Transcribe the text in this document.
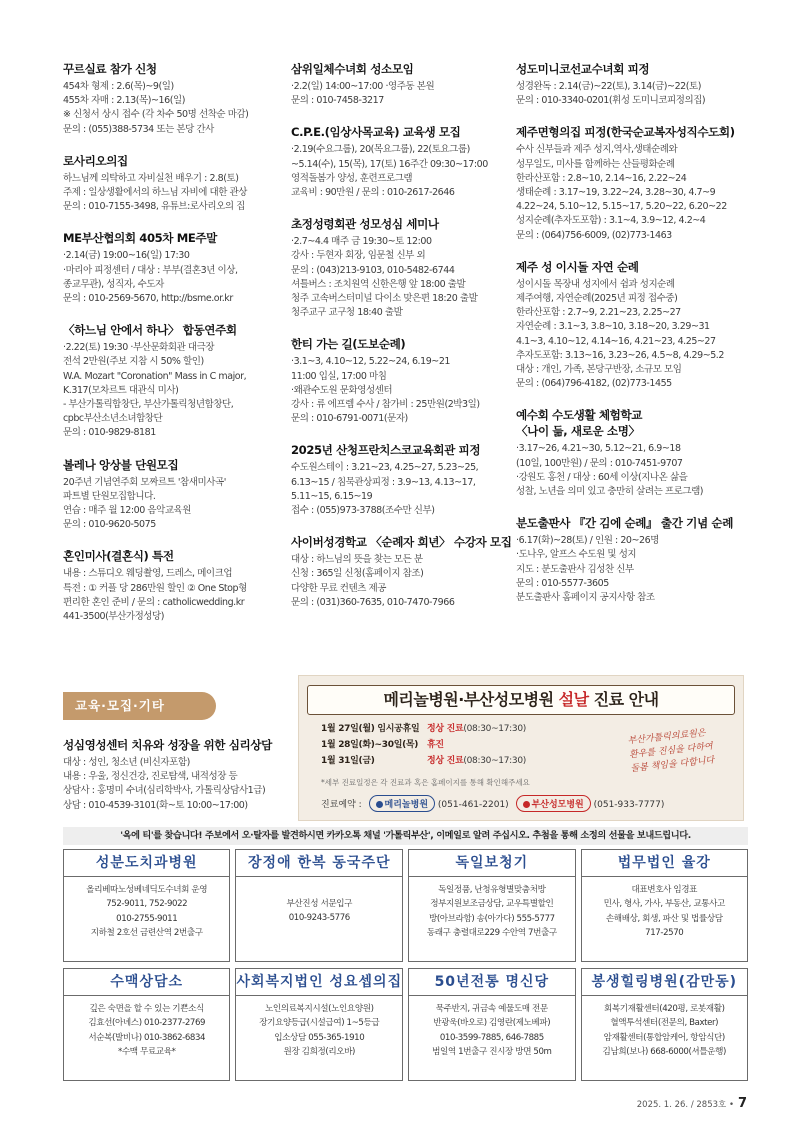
꾸르실료 참가 신청
454차 형제 : 2.6(목)~9(일)
455차 자매 : 2.13(목)~16(일)
※ 신청서 상시 접수 (각 차수 50명 선착순 마감)
문의 : (055)388-5734 또는 본당 간사
로사리오의집
하느님께 의탁하고 자비실천 배우기 : 2.8(토)
주제 : 일상생활에서의 하느님 자비에 대한 관상
문의 : 010-7155-3498, 유튜브:로사리오의 집
ME부산협의회 405차 ME주말
·2.14(금) 19:00~16(일) 17:30
·마리아 피정센터 / 대상 : 부부(결혼3년 이상,
종교무관), 성직자, 수도자
문의 : 010-2569-5670, http://bsme.or.kr
〈하느님 안에서 하나〉 합동연주회
·2.22(토) 19:30 ·부산문화회관 대극장
전석 2만원(주보 지참 시 50% 할인)
W.A. Mozart "Coronation" Mass in C major,
K.317(모차르트 대관식 미사)
- 부산가톨릭합창단, 부산가톨릭청년합창단,
cpbc부산소년소녀합창단
문의 : 010-9829-8181
볼레나 앙상블 단원모집
20주년 기념연주회 모짜르트 '참새미사곡'
파트별 단원모집합니다.
연습 : 매주 월 12:00 음악교육원
문의 : 010-9620-5075
혼인미사(결혼식) 특전
내용 : 스튜디오 웨딩촬영, 드레스, 메이크업
특전 : ① 커플 당 286만원 할인 ② One Stop형
편리한 혼인 준비 / 문의 : catholicwedding.kr
441-3500(부산가정성당)
삼위일체수녀회 성소모임
·2.2(일) 14:00~17:00 ·영주동 본원
문의 : 010-7458-3217
C.P.E.(임상사목교육) 교육생 모집
·2.19(수요그룹), 20(목요그룹), 22(토요그룹)
~5.14(수), 15(목), 17(토) 16주간 09:30~17:00
영적돌봄가 양성, 훈련프로그램
교육비 : 90만원 / 문의 : 010-2617-2646
초정성령회관 성모성심 세미나
·2.7~4.4 매주 금 19:30~토 12:00
강사 : 두현자 회장, 임문철 신부 외
문의 : (043)213-9103, 010-5482-6744
셔틀버스 : 조치원역 신한은행 앞 18:00 출발
청주 고속버스터미널 다이소 맞은편 18:20 출발
청주교구 교구청 18:40 출발
한티 가는 길(도보순례)
·3.1~3, 4.10~12, 5.22~24, 6.19~21
11:00 입실, 17:00 마침
·왜관수도원 문화영성센터
강사 : 류 에프렘 수사 / 참가비 : 25만원(2박3일)
문의 : 010-6791-0071(문자)
2025년 산청프란치스코교육회관 피정
수도원스테이 : 3.21~23, 4.25~27, 5.23~25,
6.13~15 / 침묵관상피정 : 3.9~13, 4.13~17,
5.11~15, 6.15~19
접수 : (055)973-3788(조수만 신부)
사이버성경학교 〈순례자 희년〉 수강자 모집
대상 : 하느님의 뜻을 찾는 모든 분
신청 : 365일 신청(홈페이지 참조)
다양한 무료 컨텐츠 제공
문의 : (031)360-7635, 010-7470-7966
성도미니코선교수녀회 피정
성경완독 : 2.14(금)~22(토), 3.14(금)~22(토)
문의 : 010-3340-0201(휘성 도미니코피정의집)
제주면형의집 피정(한국순교복자성직수도회)
수사 신부들과 제주 성지,역사,생태순례와
성무일도, 미사를 함께하는 산들평화순례
한라산포함 : 2.8~10, 2.14~16, 2.22~24
생태순례 : 3.17~19, 3.22~24, 3.28~30, 4.7~9
4.22~24, 5.10~12, 5.15~17, 5.20~22, 6.20~22
성지순례(추자도포함) : 3.1~4, 3.9~12, 4.2~4
문의 : (064)756-6009, (02)773-1463
제주 성 이시돌 자연 순례
성이시돌 목장내 성지에서 쉼과 성지순례
제주여행, 자연순례(2025년 피정 접수중)
한라산포함 : 2.7~9, 2.21~23, 2.25~27
자연순례 : 3.1~3, 3.8~10, 3.18~20, 3.29~31
4.1~3, 4.10~12, 4.14~16, 4.21~23, 4.25~27
추자도포함: 3.13~16, 3.23~26, 4.5~8, 4.29~5.2
대상 : 개인, 가족, 본당구반장, 소규모 모임
문의 : (064)796-4182, (02)773-1455
예수회 수도생활 체험학교
〈나이 듦, 새로운 소명〉
·3.17~26, 4.21~30, 5.12~21, 6.9~18
(10일, 100만원) / 문의 : 010-7451-9707
·강원도 홍천 / 대상 : 60세 이상(지나온 삶을
성찰, 노년을 의미 있고 충만히 살려는 프로그램)
분도출판사 『간 김에 순례』 출간 기념 순례
·6.17(화)~28(토) / 인원 : 20~26명
·도나우, 알프스 수도원 및 성지
지도 : 분도출판사 김성찬 신부
문의 : 010-5577-3605
분도출판사 홈페이지 공지사항 참조
교육·모집·기타
성심영성센터 치유와 성장을 위한 심리상담
대상 : 성인, 청소년 (비신자포함)
내용 : 우울, 정신건강, 진로탐색, 내적성장 등
상담사 : 홍명미 수녀(심리학박사, 가톨릭상담사1급)
상담 : 010-4539-3101(화~토 10:00~17:00)
메리놀병원·부산성모병원 설날 진료 안내
1월 27일(월) 임시공휴일 정상 진료(08:30~17:30)
1월 28일(화)~30일(목) 휴진
1월 31일(금)	정상 진료(08:30~17:30)
부산가톨릭의료원은
환우를 진심을 다하여
돌봄 책임을 다합니다
*세부 진료일정은 각 진료과 혹은 홈페이지를 통해 확인해주세요
진료예약 :	메리놀병원 (051-461-2201)	부산성모병원 (051-933-7777)
'옥에 티'를 찾습니다! 주보에서 오·탈자를 발견하시면 카카오톡 채널 '가톨릭부산', 이메일로 알려 주십시오. 추첨을 통해 소정의 선물을 보내드립니다.
성분도치과병원
올리베따노성베네딕도수녀회 운영
752-9011, 752-9022
010-2755-9011
지하철 2호선 금련산역 2번출구
장정애 한복 동국주단
부산진성 서문입구
010-9243-5776
독일보청기
독일정품, 난청유형별맞춤처방
정부지원보조금상담, 교우특별할인
방(아브라함) 송(아가다) 555-5777
동래구 충렬대로229 수안역 7번출구
법무법인 율강
대표변호사 임경표
민사, 형사, 가사, 부동산, 교통사고
손해배상, 회생, 파산 및 법률상담
717-2570
수맥상담소
깊은 숙면을 할 수 있는 기쁜소식
김효선(아녜스) 010-2377-2769
서순복(발비나) 010-3862-6834
*수맥 무료교육*
사회복지법인 성요셉의집
노인의료복지시설(노인요양원)
장기요양등급(시설급여) 1~5등급
입소상담 055-365-1910
원장 김희정(리오바)
50년전통 명신당
묵주반지, 귀금속 예물도매 전문
반광욱(바오로) 김영란(제노베파)
010-3599-7885, 646-7885
범일역 1번출구 진시장 방면 50m
봉생힐링병원(감만동)
회복기재활센터(420평, 로봇재활)
혈액투석센터(전문의, Baxter)
암재활센터(통합암케어, 항암식단)
김남희(보나) 668-6000(셔틀운행)
2025. 1. 26. / 2853호 • 7
